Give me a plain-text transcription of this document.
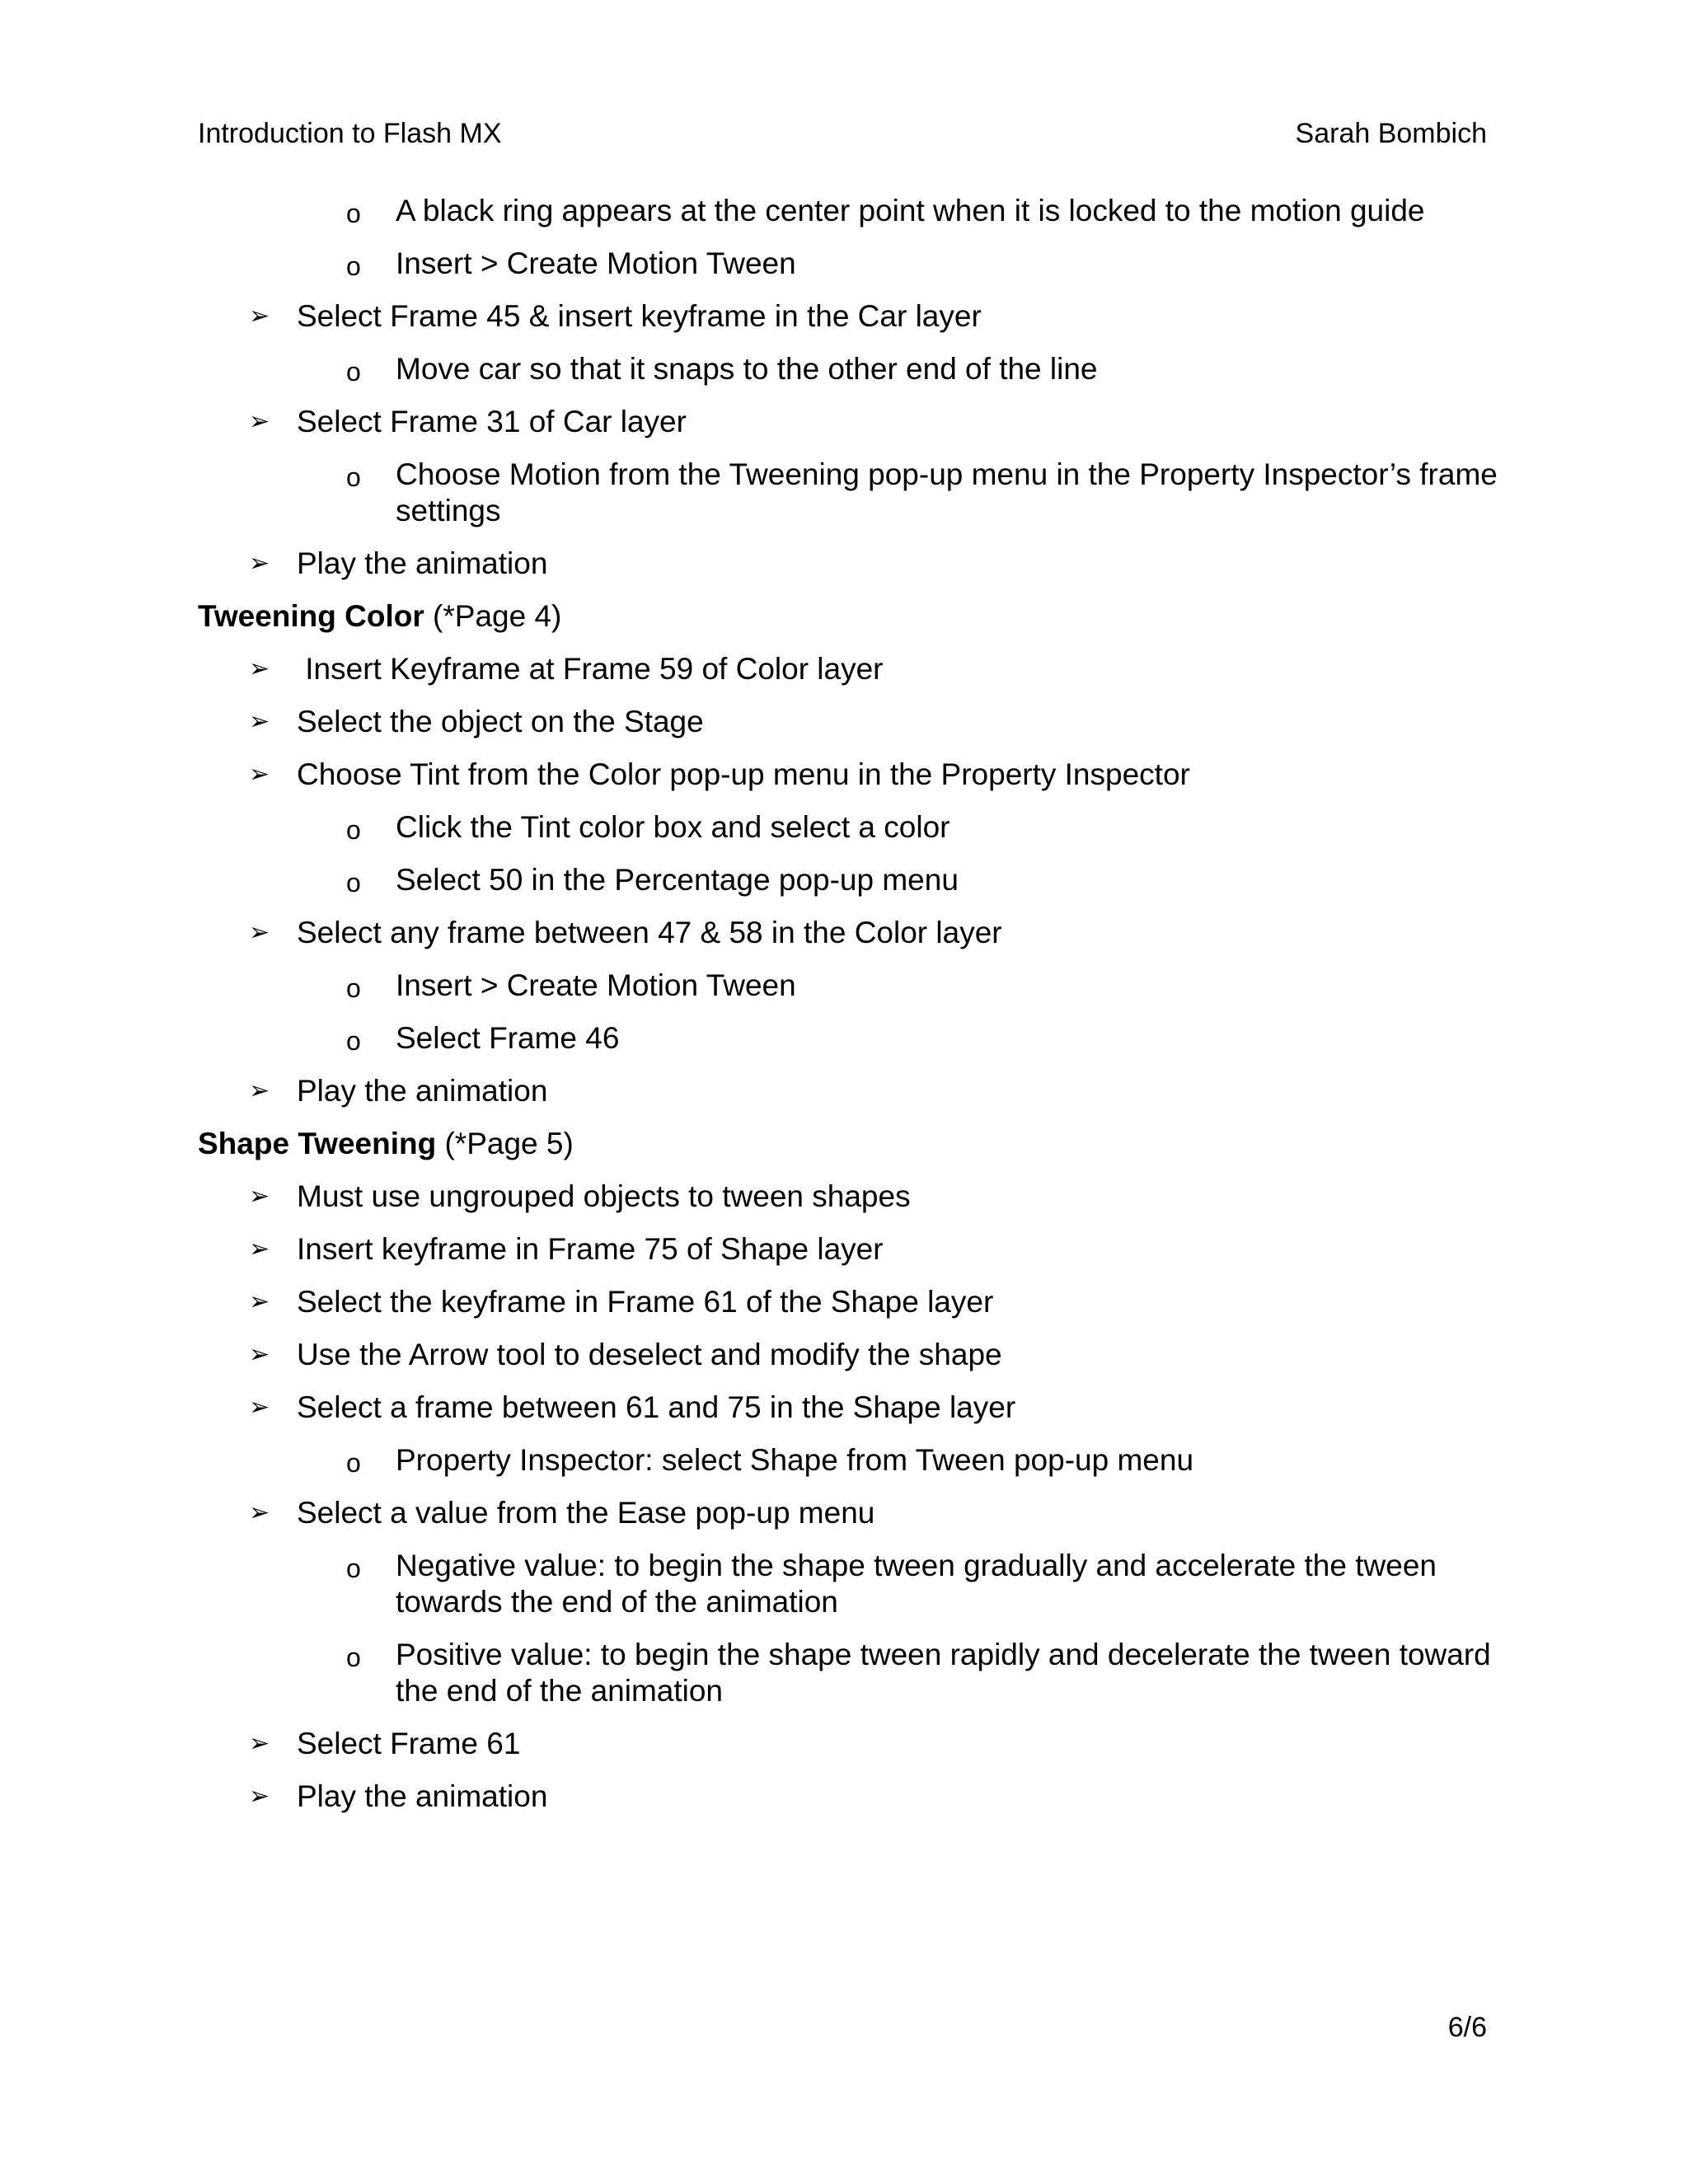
Introduction to Flash MX	Sarah Bombich
o A black ring appears at the center point when it is locked to the motion guide
o Insert > Create Motion Tween
➢ Select Frame 45 & insert keyframe in the Car layer
o Move car so that it snaps to the other end of the line
➢ Select Frame 31 of Car layer
o Choose Motion from the Tweening pop-up menu in the Property Inspector’s frame settings
➢ Play the animation
Tweening Color (*Page 4)
➢ Insert Keyframe at Frame 59 of Color layer
➢ Select the object on the Stage
➢ Choose Tint from the Color pop-up menu in the Property Inspector
o Click the Tint color box and select a color
o Select 50 in the Percentage pop-up menu
➢ Select any frame between 47 & 58 in the Color layer
o Insert > Create Motion Tween
o Select Frame 46
➢ Play the animation
Shape Tweening (*Page 5)
➢ Must use ungrouped objects to tween shapes
➢ Insert keyframe in Frame 75 of Shape layer
➢ Select the keyframe in Frame 61 of the Shape layer
➢ Use the Arrow tool to deselect and modify the shape
➢ Select a frame between 61 and 75 in the Shape layer
o Property Inspector: select Shape from Tween pop-up menu
➢ Select a value from the Ease pop-up menu
o Negative value: to begin the shape tween gradually and accelerate the tween towards the end of the animation
o Positive value: to begin the shape tween rapidly and decelerate the tween toward the end of the animation
➢ Select Frame 61
➢ Play the animation
6/6
